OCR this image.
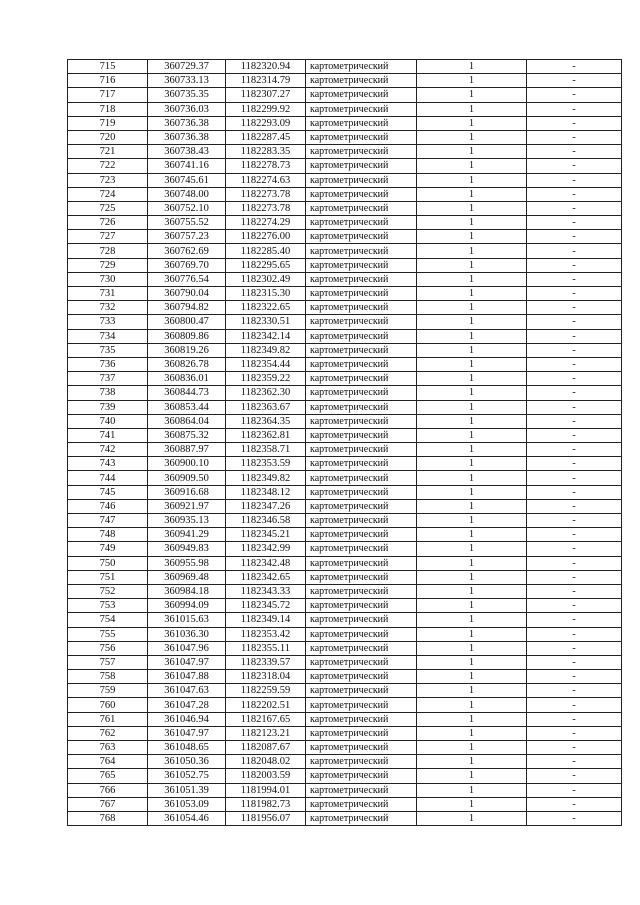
715	360729.37	1182320.94	картометрический	1	-
716	360733.13	1182314.79	картометрический	1	-
717	360735.35	1182307.27	картометрический	1	-
718	360736.03	1182299.92	картометрический	1	-
719	360736.38	1182293.09	картометрический	1	-
720	360736.38	1182287.45	картометрический	1	-
721	360738.43	1182283.35	картометрический	1	-
722	360741.16	1182278.73	картометрический	1	-
723	360745.61	1182274.63	картометрический	1	-
724	360748.00	1182273.78	картометрический	1	-
725	360752.10	1182273.78	картометрический	1	-
726	360755.52	1182274.29	картометрический	1	-
727	360757.23	1182276.00	картометрический	1	-
728	360762.69	1182285.40	картометрический	1	-
729	360769.70	1182295.65	картометрический	1	-
730	360776.54	1182302.49	картометрический	1	-
731	360790.04	1182315.30	картометрический	1	-
732	360794.82	1182322.65	картометрический	1	-
733	360800.47	1182330.51	картометрический	1	-
734	360809.86	1182342.14	картометрический	1	-
735	360819.26	1182349.82	картометрический	1	-
736	360826.78	1182354.44	картометрический	1	-
737	360836.01	1182359.22	картометрический	1	-
738	360844.73	1182362.30	картометрический	1	-
739	360853.44	1182363.67	картометрический	1	-
740	360864.04	1182364.35	картометрический	1	-
741	360875.32	1182362.81	картометрический	1	-
742	360887.97	1182358.71	картометрический	1	-
743	360900.10	1182353.59	картометрический	1	-
744	360909.50	1182349.82	картометрический	1	-
745	360916.68	1182348.12	картометрический	1	-
746	360921.97	1182347.26	картометрический	1	-
747	360935.13	1182346.58	картометрический	1	-
748	360941.29	1182345.21	картометрический	1	-
749	360949.83	1182342.99	картометрический	1	-
750	360955.98	1182342.48	картометрический	1	-
751	360969.48	1182342.65	картометрический	1	-
752	360984.18	1182343.33	картометрический	1	-
753	360994.09	1182345.72	картометрический	1	-
754	361015.63	1182349.14	картометрический	1	-
755	361036.30	1182353.42	картометрический	1	-
756	361047.96	1182355.11	картометрический	1	-
757	361047.97	1182339.57	картометрический	1	-
758	361047.88	1182318.04	картометрический	1	-
759	361047.63	1182259.59	картометрический	1	-
760	361047.28	1182202.51	картометрический	1	-
761	361046.94	1182167.65	картометрический	1	-
762	361047.97	1182123.21	картометрический	1	-
763	361048.65	1182087.67	картометрический	1	-
764	361050.36	1182048.02	картометрический	1	-
765	361052.75	1182003.59	картометрический	1	-
766	361051.39	1181994.01	картометрический	1	-
767	361053.09	1181982.73	картометрический	1	-
768	361054.46	1181956.07	картометрический	1	-
